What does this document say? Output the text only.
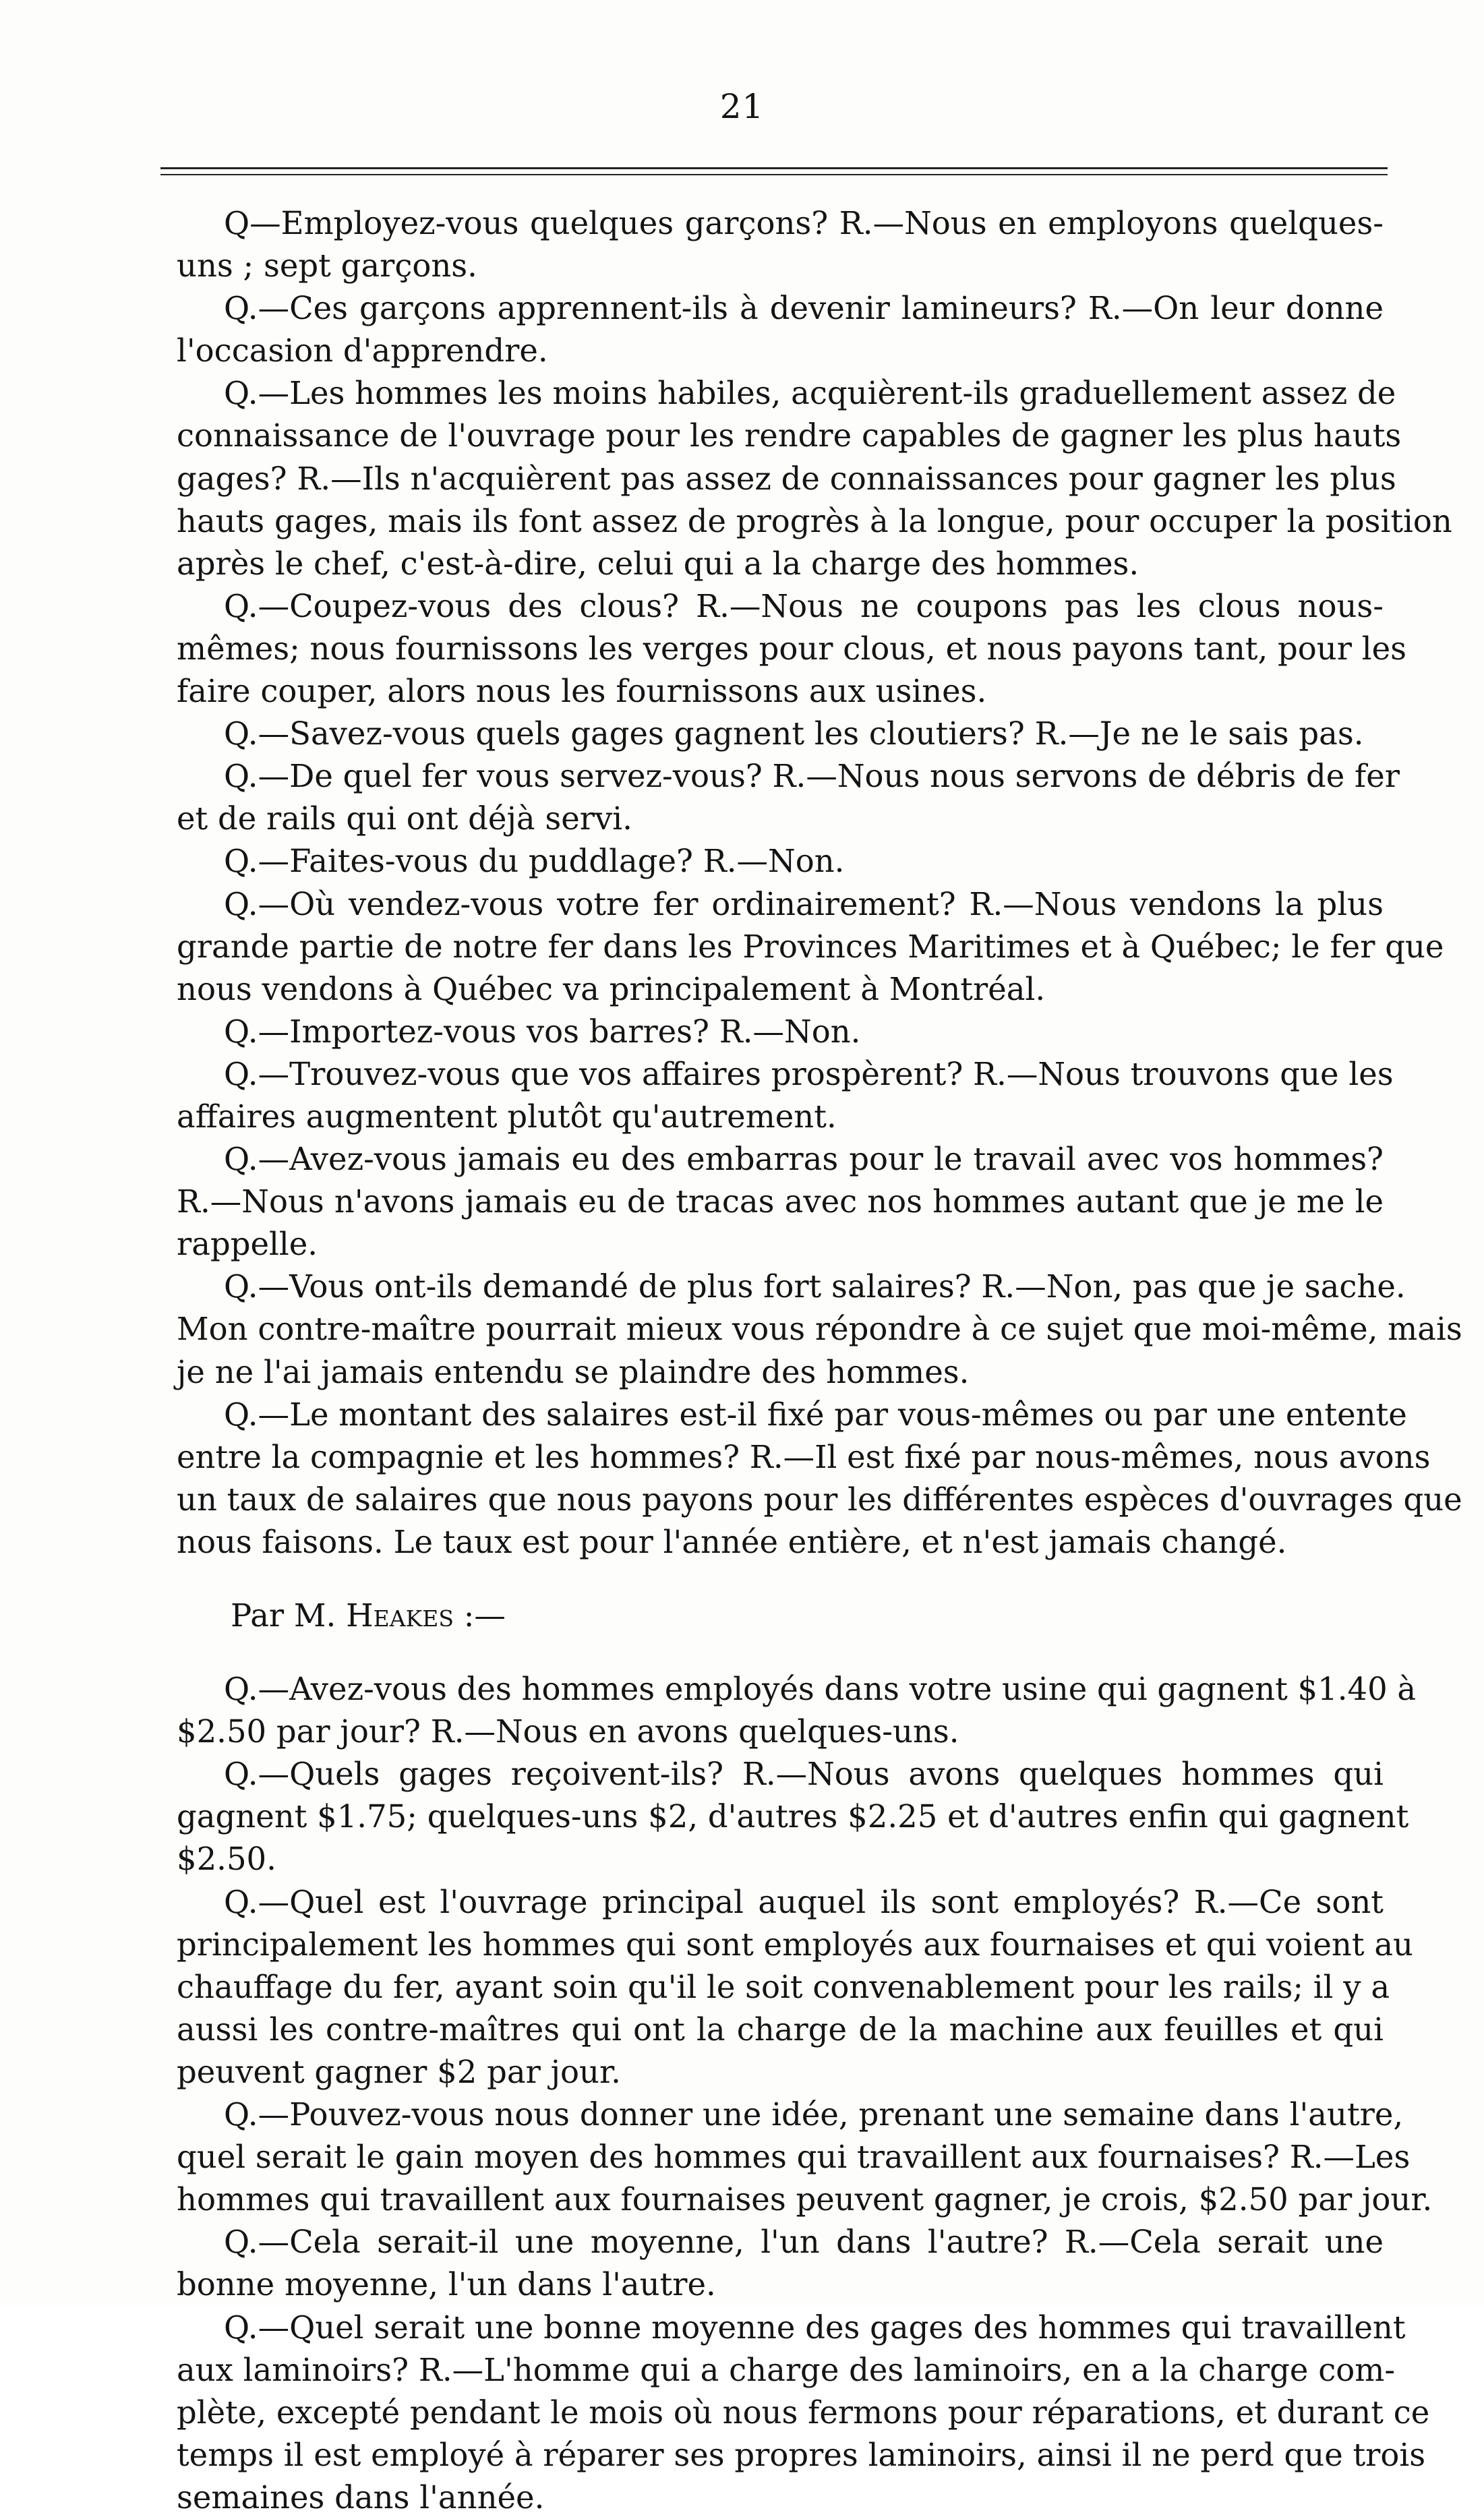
21

Q—Employez-vous quelques garçons? R.—Nous en employons quelques-
uns ; sept garçons.

Q.—Ces garçons apprennent-ils à devenir lamineurs? R.—On leur donne
l'occasion d'apprendre.

Q.—Les hommes les moins habiles, acquièrent-ils graduellement assez de
connaissance de l'ouvrage pour les rendre capables de gagner les plus hauts
gages? R.—Ils n'acquièrent pas assez de connaissances pour gagner les plus
hauts gages, mais ils font assez de progrès à la longue, pour occuper la position
après le chef, c'est-à-dire, celui qui a la charge des hommes.

Q.—Coupez-vous des clous? R.—Nous ne coupons pas les clous nous-
mêmes; nous fournissons les verges pour clous, et nous payons tant, pour les
faire couper, alors nous les fournissons aux usines.

Q.—Savez-vous quels gages gagnent les cloutiers? R.—Je ne le sais pas.

Q.—De quel fer vous servez-vous? R.—Nous nous servons de débris de fer
et de rails qui ont déjà servi.

Q.—Faites-vous du puddlage? R.—Non.

Q.—Où vendez-vous votre fer ordinairement? R.—Nous vendons la plus
grande partie de notre fer dans les Provinces Maritimes et à Québec; le fer que
nous vendons à Québec va principalement à Montréal.

Q.—Importez-vous vos barres? R.—Non.

Q.—Trouvez-vous que vos affaires prospèrent? R.—Nous trouvons que les
affaires augmentent plutôt qu'autrement.

Q.—Avez-vous jamais eu des embarras pour le travail avec vos hommes?
R.—Nous n'avons jamais eu de tracas avec nos hommes autant que je me le
rappelle.

Q.—Vous ont-ils demandé de plus fort salaires? R.—Non, pas que je sache.
Mon contre-maître pourrait mieux vous répondre à ce sujet que moi-même, mais
je ne l'ai jamais entendu se plaindre des hommes.

Q.—Le montant des salaires est-il fixé par vous-mêmes ou par une entente
entre la compagnie et les hommes? R.—Il est fixé par nous-mêmes, nous avons
un taux de salaires que nous payons pour les différentes espèces d'ouvrages que
nous faisons. Le taux est pour l'année entière, et n'est jamais changé.

Par M. Heakes :—

Q.—Avez-vous des hommes employés dans votre usine qui gagnent $1.40 à
$2.50 par jour? R.—Nous en avons quelques-uns.

Q.—Quels gages reçoivent-ils? R.—Nous avons quelques hommes qui
gagnent $1.75; quelques-uns $2, d'autres $2.25 et d'autres enfin qui gagnent
$2.50.

Q.—Quel est l'ouvrage principal auquel ils sont employés? R.—Ce sont
principalement les hommes qui sont employés aux fournaises et qui voient au
chauffage du fer, ayant soin qu'il le soit convenablement pour les rails; il y a
aussi les contre-maîtres qui ont la charge de la machine aux feuilles et qui
peuvent gagner $2 par jour.

Q.—Pouvez-vous nous donner une idée, prenant une semaine dans l'autre,
quel serait le gain moyen des hommes qui travaillent aux fournaises? R.—Les
hommes qui travaillent aux fournaises peuvent gagner, je crois, $2.50 par jour.

Q.—Cela serait-il une moyenne, l'un dans l'autre? R.—Cela serait une
bonne moyenne, l'un dans l'autre.

Q.—Quel serait une bonne moyenne des gages des hommes qui travaillent
aux laminoirs? R.—L'homme qui a charge des laminoirs, en a la charge com-
plète, excepté pendant le mois où nous fermons pour réparations, et durant ce
temps il est employé à réparer ses propres laminoirs, ainsi il ne perd que trois
semaines dans l'année.
